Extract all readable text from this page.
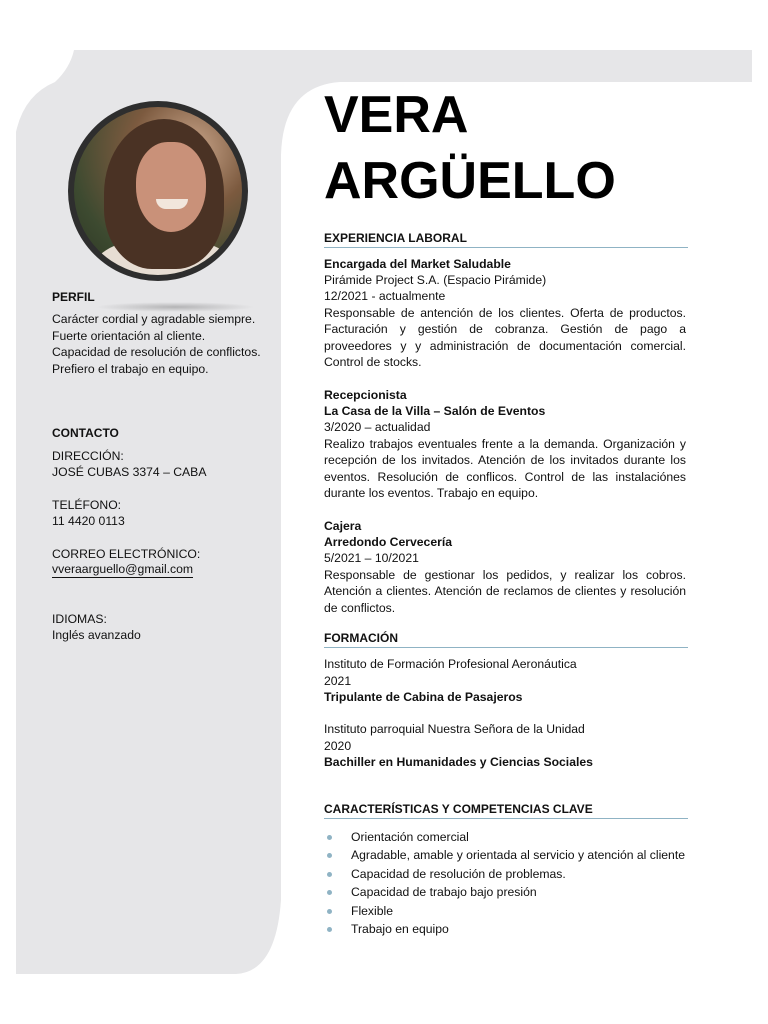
PERFIL
Carácter cordial y agradable siempre.
Fuerte orientación al cliente.
Capacidad de resolución de conflictos.
Prefiero el trabajo en equipo.
CONTACTO
DIRECCIÓN:
JOSÉ CUBAS 3374 – CABA
TELÉFONO:
11 4420 0113
CORREO ELECTRÓNICO:
vveraarguello@gmail.com
IDIOMAS:
Inglés avanzado
VERA
ARGÜELLO
EXPERIENCIA LABORAL
Encargada del Market Saludable
Pirámide Project S.A. (Espacio Pirámide)
12/2021 - actualmente
Responsable de antención de los clientes. Oferta de productos. Facturación y gestión de cobranza. Gestión de pago a proveedores y y administración de documentación comercial. Control de stocks.
Recepcionista
La Casa de la Villa – Salón de Eventos
3/2020 – actualidad
Realizo trabajos eventuales frente a la demanda. Organización y recepción de los invitados. Atención de los invitados durante los eventos. Resolución de conflicos. Control de las instalaciónes durante los eventos. Trabajo en equipo.
Cajera
Arredondo Cervecería
5/2021 – 10/2021
Responsable de gestionar los pedidos, y realizar los cobros. Atención a clientes. Atención de reclamos de clientes y resolución de conflictos.
FORMACIÓN
Instituto de Formación Profesional Aeronáutica
2021
Tripulante de Cabina de Pasajeros
Instituto parroquial Nuestra Señora de la Unidad
2020
Bachiller en Humanidades y Ciencias Sociales
CARACTERÍSTICAS Y COMPETENCIAS CLAVE
Orientación comercial
Agradable, amable y orientada al servicio y atención al cliente
Capacidad de resolución de problemas.
Capacidad de trabajo bajo presión
Flexible
Trabajo en equipo
